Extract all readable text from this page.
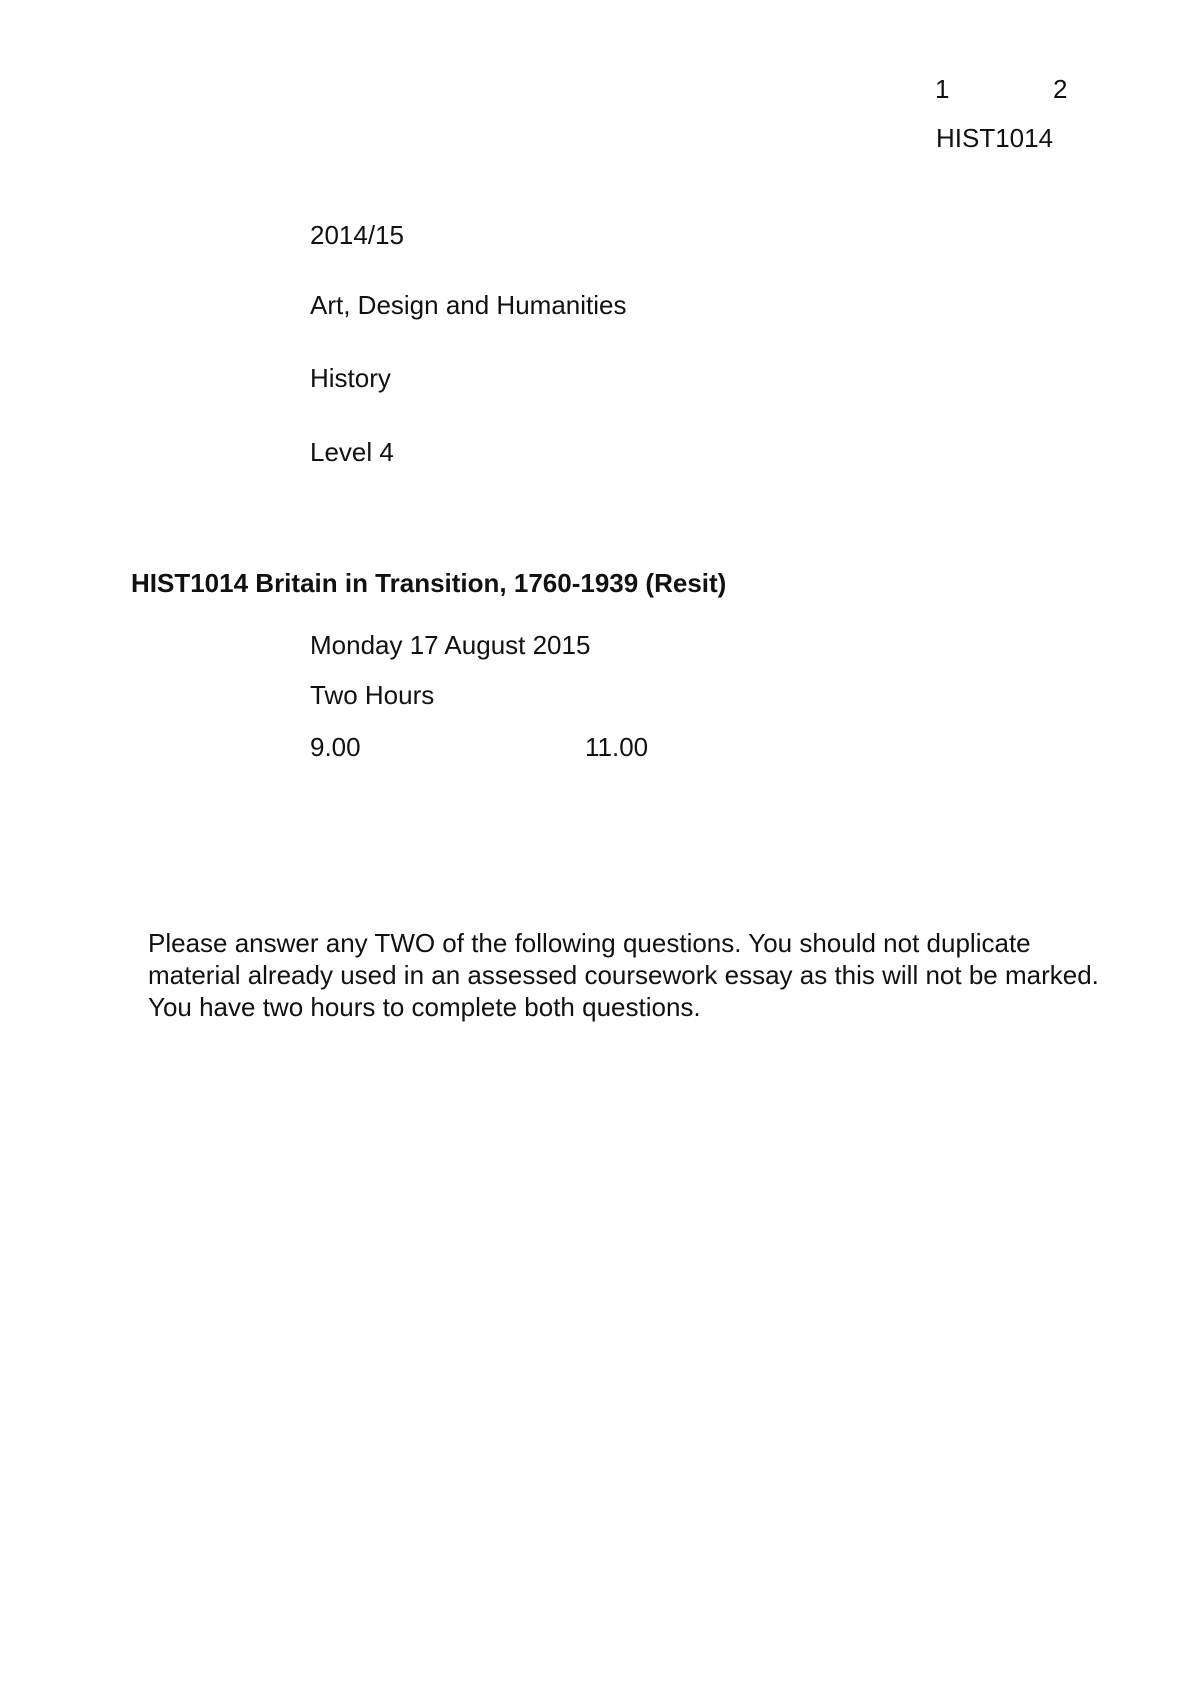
1	2
HIST1014
2014/15
Art, Design and Humanities
History
Level 4
HIST1014 Britain in Transition, 1760-1939 (Resit)
Monday 17 August 2015
Two Hours
9.00	11.00
Please answer any TWO of the following questions. You should not duplicate material already used in an assessed coursework essay as this will not be marked. You have two hours to complete both questions.
